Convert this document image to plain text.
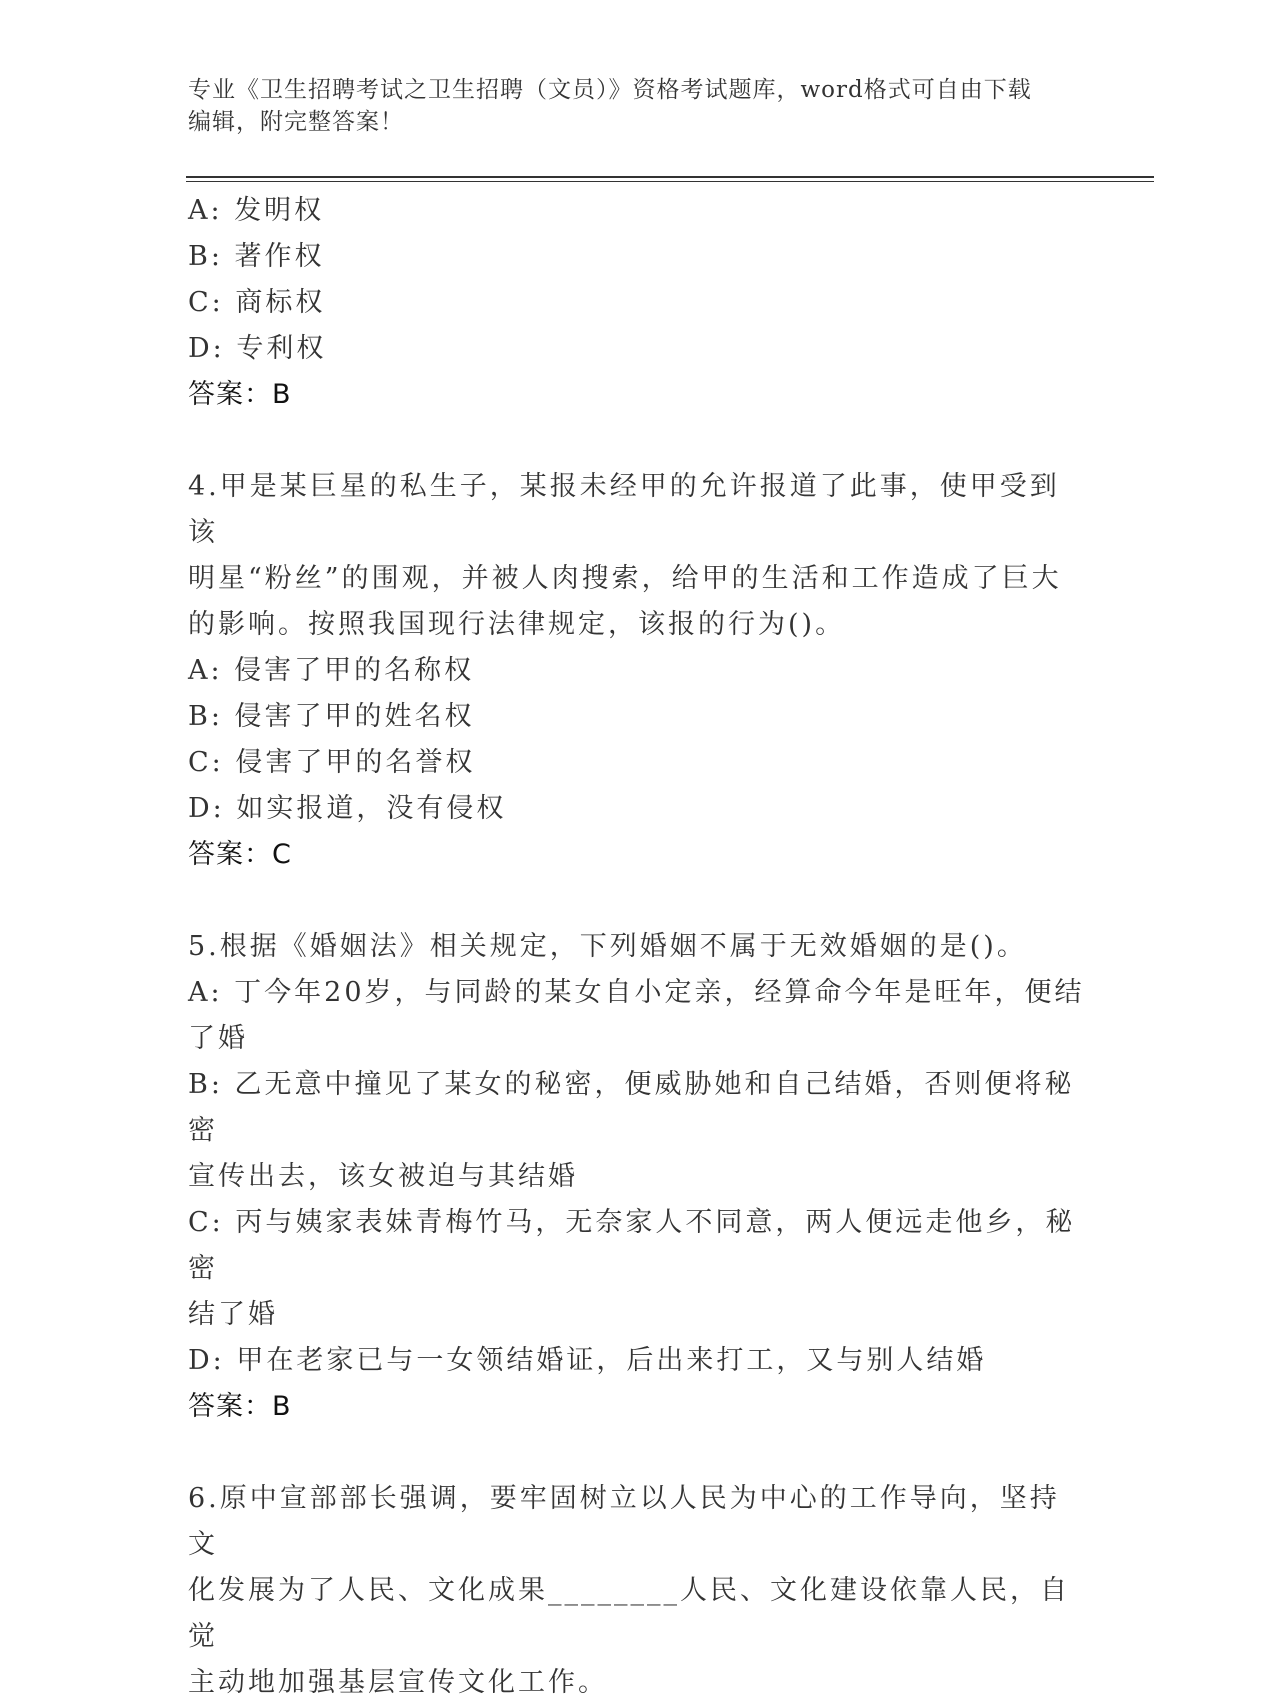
专业《卫生招聘考试之卫生招聘（文员）》资格考试题库，word格式可自由下载
编辑，附完整答案！

A: 发明权

B: 著作权

C: 商标权

D: 专利权

答案：B

4.甲是某巨星的私生子，某报未经甲的允许报道了此事，使甲受到该

明星“粉丝”的围观，并被人肉搜索，给甲的生活和工作造成了巨大

的影响。按照我国现行法律规定，该报的行为()。

A: 侵害了甲的名称权

B: 侵害了甲的姓名权

C: 侵害了甲的名誉权

D: 如实报道，没有侵权

答案：C

5.根据《婚姻法》相关规定，下列婚姻不属于无效婚姻的是()。

A: 丁今年20岁，与同龄的某女自小定亲，经算命今年是旺年，便结

了婚

B: 乙无意中撞见了某女的秘密，便威胁她和自己结婚，否则便将秘密

宣传出去，该女被迫与其结婚

C: 丙与姨家表妹青梅竹马，无奈家人不同意，两人便远走他乡，秘密

结了婚

D: 甲在老家已与一女领结婚证，后出来打工，又与别人结婚

答案：B

6.原中宣部部长强调，要牢固树立以人民为中心的工作导向，坚持文

化发展为了人民、文化成果________人民、文化建设依靠人民，自觉

主动地加强基层宣传文化工作。
